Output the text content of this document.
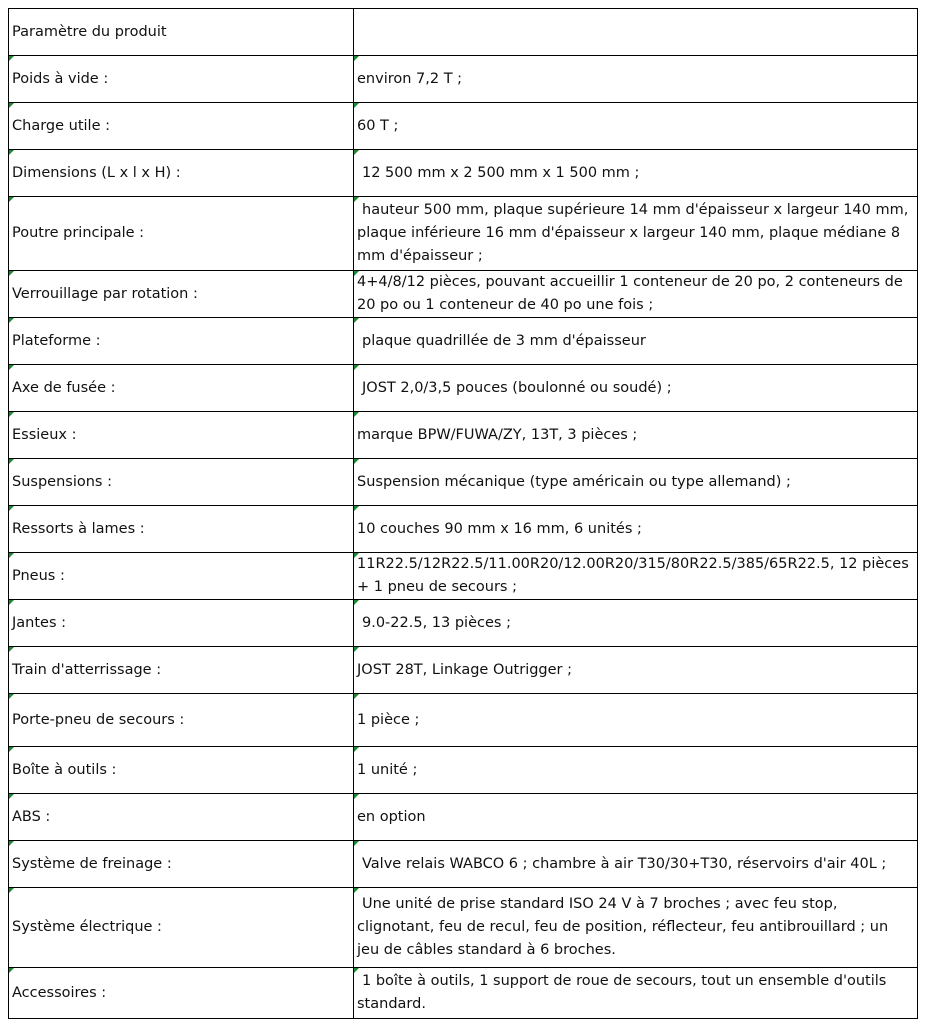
Paramètre du produit	
Poids à vide :	environ 7,2 T ;
Charge utile :	60 T ;
Dimensions (L x l x H) :	12 500 mm x 2 500 mm x 1 500 mm ;
Poutre principale :	hauteur 500 mm, plaque supérieure 14 mm d'épaisseur x largeur 140 mm, plaque inférieure 16 mm d'épaisseur x largeur 140 mm, plaque médiane 8 mm d'épaisseur ;
Verrouillage par rotation :	4+4/8/12 pièces, pouvant accueillir 1 conteneur de 20 po, 2 conteneurs de 20 po ou 1 conteneur de 40 po une fois ;
Plateforme :	plaque quadrillée de 3 mm d'épaisseur
Axe de fusée :	JOST 2,0/3,5 pouces (boulonné ou soudé) ;
Essieux :	marque BPW/FUWA/ZY, 13T, 3 pièces ;
Suspensions :	Suspension mécanique (type américain ou type allemand) ;
Ressorts à lames :	10 couches 90 mm x 16 mm, 6 unités ;
Pneus :	11R22.5/12R22.5/11.00R20/12.00R20/315/80R22.5/385/65R22.5, 12 pièces + 1 pneu de secours ;
Jantes :	9.0-22.5, 13 pièces ;
Train d'atterrissage :	JOST 28T, Linkage Outrigger ;
Porte-pneu de secours :	1 pièce ;
Boîte à outils :	1 unité ;
ABS :	en option
Système de freinage :	Valve relais WABCO 6 ; chambre à air T30/30+T30, réservoirs d'air 40L ;
Système électrique :	Une unité de prise standard ISO 24 V à 7 broches ; avec feu stop, clignotant, feu de recul, feu de position, réflecteur, feu antibrouillard ; un jeu de câbles standard à 6 broches.
Accessoires :	1 boîte à outils, 1 support de roue de secours, tout un ensemble d'outils standard.
